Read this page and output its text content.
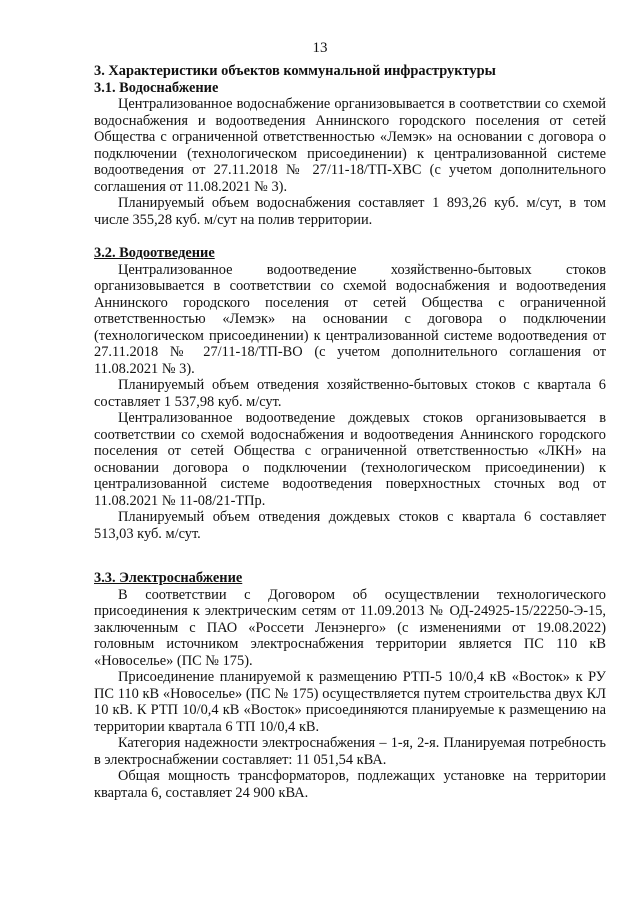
13

3. Характеристики объектов коммунальной инфраструктуры

3.1. Водоснабжение

Централизованное водоснабжение организовывается в соответствии со схемой водоснабжения и водоотведения Аннинского городского поселения от сетей Общества с ограниченной ответственностью «Лемэк» на основании с договора о подключении (технологическом присоединении) к централизованной системе водоотведения от 27.11.2018 № 27/11-18/ТП-ХВС (с учетом дополнительного соглашения от 11.08.2021 № 3).

Планируемый объем водоснабжения составляет 1 893,26 куб. м/сут, в том числе 355,28 куб. м/сут на полив территории.

3.2. Водоотведение

Централизованное водоотведение хозяйственно-бытовых стоков организовывается в соответствии со схемой водоснабжения и водоотведения Аннинского городского поселения от сетей Общества с ограниченной ответственностью «Лемэк» на основании с договора о подключении (технологическом присоединении) к централизованной системе водоотведения от 27.11.2018 № 27/11-18/ТП-ВО (с учетом дополнительного соглашения от 11.08.2021 № 3).

Планируемый объем отведения хозяйственно-бытовых стоков с квартала 6 составляет 1 537,98 куб. м/сут.

Централизованное водоотведение дождевых стоков организовывается в соответствии со схемой водоснабжения и водоотведения Аннинского городского поселения от сетей Общества с ограниченной ответственностью «ЛКН» на основании договора о подключении (технологическом присоединении) к централизованной системе водоотведения поверхностных сточных вод от 11.08.2021 № 11-08/21-ТПр.

Планируемый объем отведения дождевых стоков с квартала 6 составляет 513,03 куб. м/сут.

3.3. Электроснабжение

В соответствии с Договором об осуществлении технологического присоединения к электрическим сетям от 11.09.2013 № ОД-24925-15/22250-Э-15, заключенным с ПАО «Россети Ленэнерго» (с изменениями от 19.08.2022) головным источником электроснабжения территории является ПС 110 кВ «Новоселье» (ПС № 175).

Присоединение планируемой к размещению РТП-5 10/0,4 кВ «Восток» к РУ ПС 110 кВ «Новоселье» (ПС № 175) осуществляется путем строительства двух КЛ 10 кВ. К РТП 10/0,4 кВ «Восток» присоединяются планируемые к размещению на территории квартала 6 ТП 10/0,4 кВ.

Категория надежности электроснабжения – 1-я, 2-я. Планируемая потребность в электроснабжении составляет: 11 051,54 кВА.

Общая мощность трансформаторов, подлежащих установке на территории квартала 6, составляет 24 900 кВА.
